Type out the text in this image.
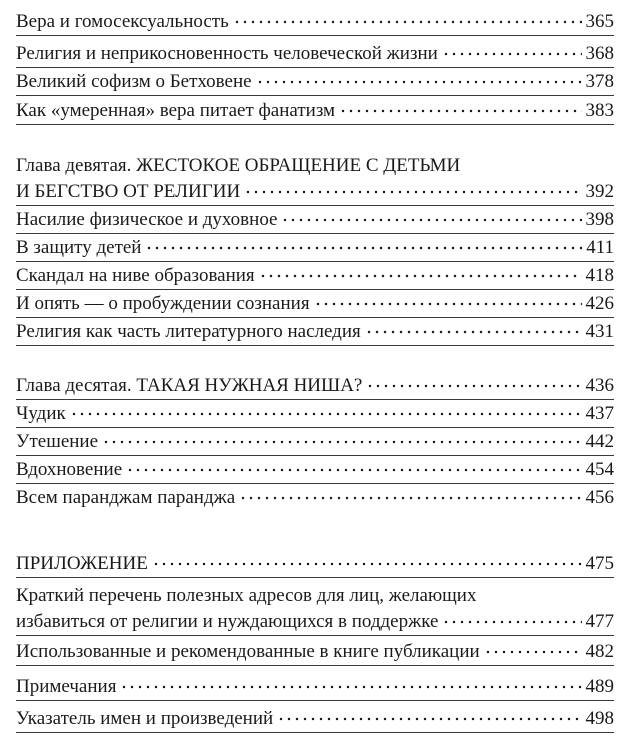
Вера и гомосексуальность	365
Религия и неприкосновенность человеческой жизни	368
Великий софизм о Бетховене	378
Как «умеренная» вера питает фанатизм	383
Глава девятая. ЖЕСТОКОЕ ОБРАЩЕНИЕ С ДЕТЬМИ
И БЕГСТВО ОТ РЕЛИГИИ	392
Насилие физическое и духовное	398
В защиту детей	411
Скандал на ниве образования	418
И опять — о пробуждении сознания	426
Религия как часть литературного наследия	431
Глава десятая. ТАКАЯ НУЖНАЯ НИША?	436
Чудик	437
Утешение	442
Вдохновение	454
Всем паранджам паранджа	456
ПРИЛОЖЕНИЕ	475
Краткий перечень полезных адресов для лиц, желающих
избавиться от религии и нуждающихся в поддержке	477
Использованные и рекомендованные в книге публикации	482
Примечания	489
Указатель имен и произведений	498
